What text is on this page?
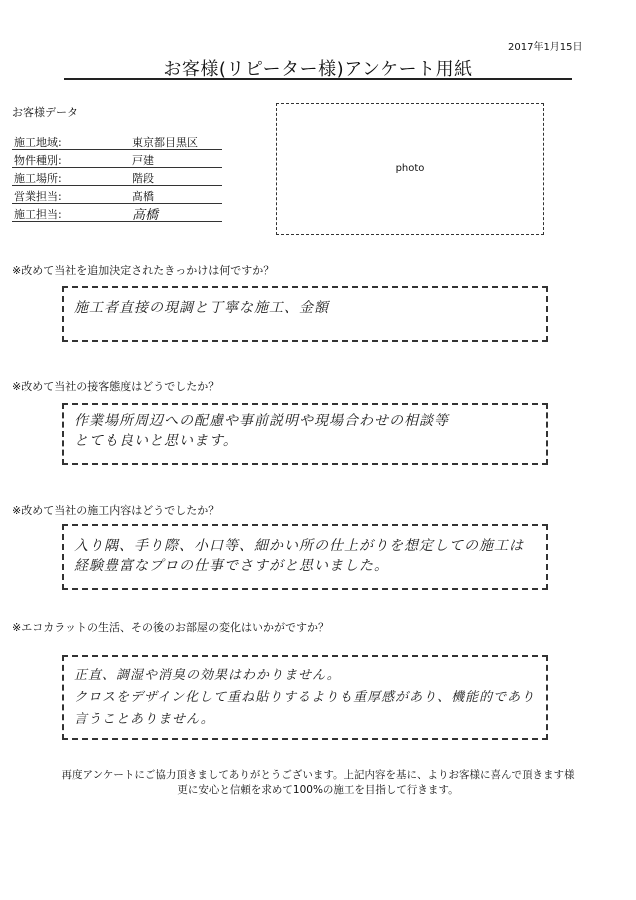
2017年1月15日
お客様(リピーター様)アンケート用紙
お客様データ
施工地域:	東京都目黒区
物件種別:	戸建
施工場所:	階段
営業担当:	髙橋
施工担当:	高橋
photo
※改めて当社を追加決定されたきっかけは何ですか？
施工者直接の現調と丁寧な施工、金額
※改めて当社の接客態度はどうでしたか？
作業場所周辺への配慮や事前説明や現場合わせの相談等
とても良いと思います。
※改めて当社の施工内容はどうでしたか？
入り隅、手り際、小口等、細かい所の仕上がりを想定しての施工は
経験豊富なプロの仕事でさすがと思いました。
※エコカラットの生活、その後のお部屋の変化はいかがですか？
正直、調湿や消臭の効果はわかりません。
クロスをデザイン化して重ね貼りするよりも重厚感があり、機能的であり
言うことありません。
再度アンケートにご協力頂きましてありがとうございます。上記内容を基に、よりお客様に喜んで頂きます様
更に安心と信頼を求めて100%の施工を目指して行きます。
